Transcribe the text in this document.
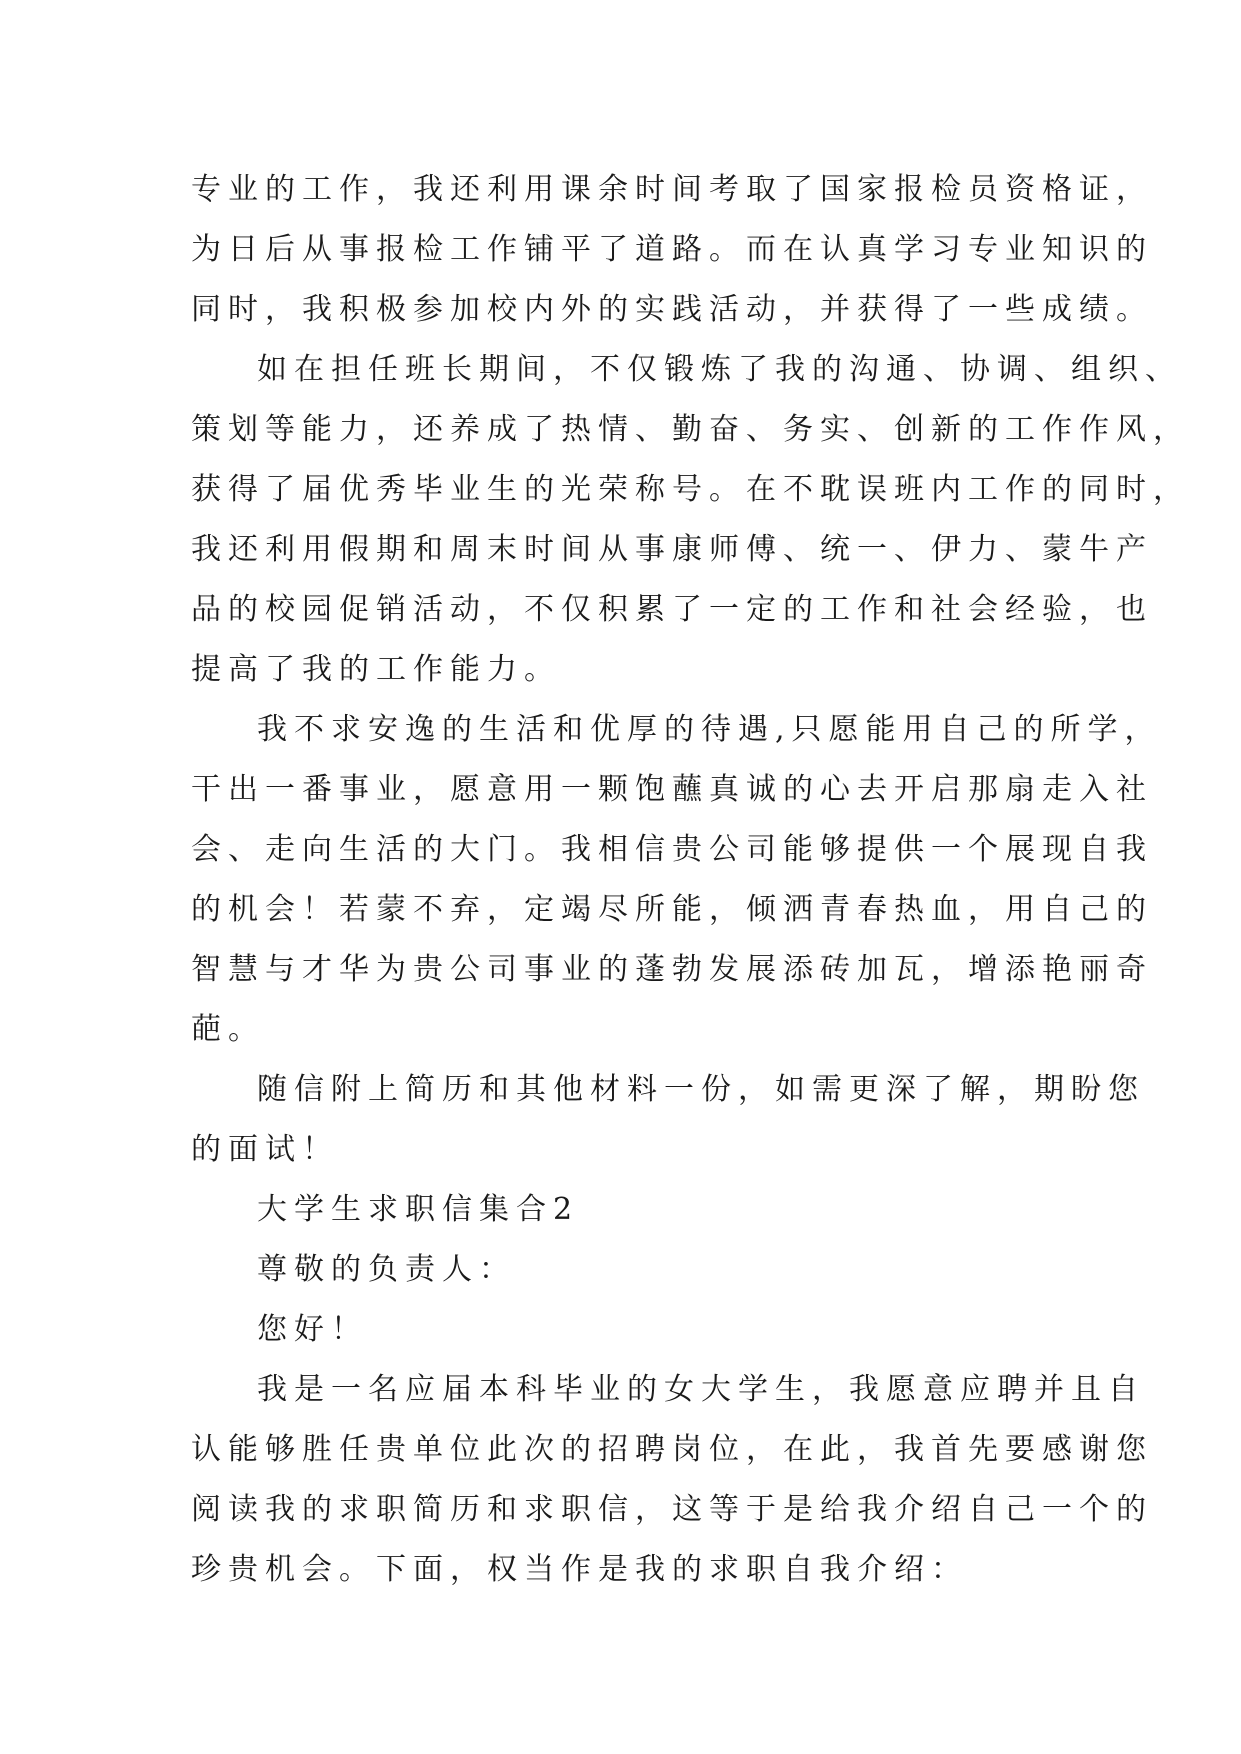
专业的工作，我还利用课余时间考取了国家报检员资格证，
为日后从事报检工作铺平了道路。而在认真学习专业知识的
同时，我积极参加校内外的实践活动，并获得了一些成绩。
如在担任班长期间，不仅锻炼了我的沟通、协调、组织、
策划等能力，还养成了热情、勤奋、务实、创新的工作作风，
获得了届优秀毕业生的光荣称号。在不耽误班内工作的同时，
我还利用假期和周末时间从事康师傅、统一、伊力、蒙牛产
品的校园促销活动，不仅积累了一定的工作和社会经验，也
提高了我的工作能力。
我不求安逸的生活和优厚的待遇,只愿能用自己的所学，
干出一番事业，愿意用一颗饱蘸真诚的心去开启那扇走入社
会、走向生活的大门。我相信贵公司能够提供一个展现自我
的机会！若蒙不弃，定竭尽所能，倾洒青春热血，用自己的
智慧与才华为贵公司事业的蓬勃发展添砖加瓦，增添艳丽奇
葩。
随信附上简历和其他材料一份，如需更深了解，期盼您
的面试！
大学生求职信集合2
尊敬的负责人：
您好！
我是一名应届本科毕业的女大学生，我愿意应聘并且自
认能够胜任贵单位此次的招聘岗位，在此，我首先要感谢您
阅读我的求职简历和求职信，这等于是给我介绍自己一个的
珍贵机会。下面，权当作是我的求职自我介绍：
